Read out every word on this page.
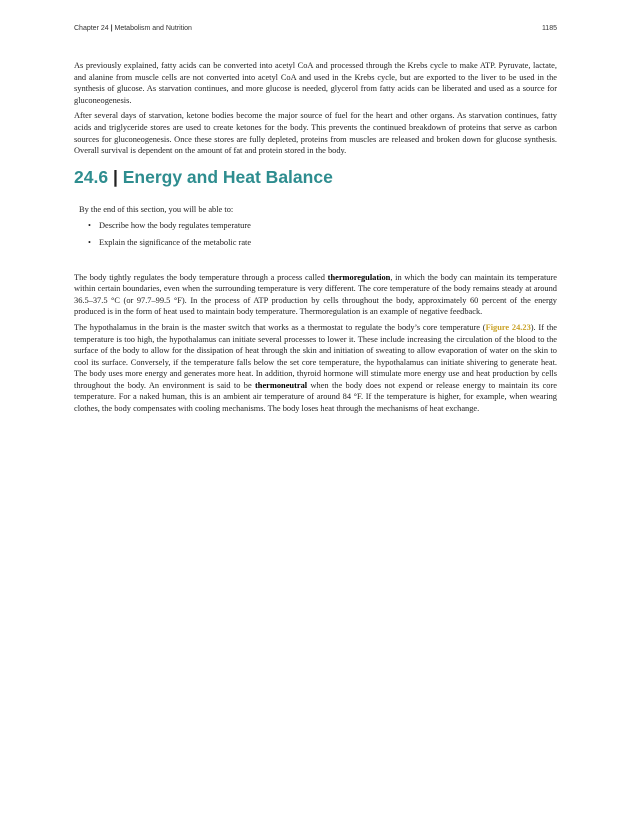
Chapter 24 | Metabolism and Nutrition	1185

As previously explained, fatty acids can be converted into acetyl CoA and processed through the Krebs cycle to make ATP. Pyruvate, lactate, and alanine from muscle cells are not converted into acetyl CoA and used in the Krebs cycle, but are exported to the liver to be used in the synthesis of glucose. As starvation continues, and more glucose is needed, glycerol from fatty acids can be liberated and used as a source for gluconeogenesis.

After several days of starvation, ketone bodies become the major source of fuel for the heart and other organs. As starvation continues, fatty acids and triglyceride stores are used to create ketones for the body. This prevents the continued breakdown of proteins that serve as carbon sources for gluconeogenesis. Once these stores are fully depleted, proteins from muscles are released and broken down for glucose synthesis. Overall survival is dependent on the amount of fat and protein stored in the body.

24.6 | Energy and Heat Balance

By the end of this section, you will be able to:

• Describe how the body regulates temperature
• Explain the significance of the metabolic rate

The body tightly regulates the body temperature through a process called thermoregulation, in which the body can maintain its temperature within certain boundaries, even when the surrounding temperature is very different. The core temperature of the body remains steady at around 36.5–37.5 °C (or 97.7–99.5 °F). In the process of ATP production by cells throughout the body, approximately 60 percent of the energy produced is in the form of heat used to maintain body temperature. Thermoregulation is an example of negative feedback.

The hypothalamus in the brain is the master switch that works as a thermostat to regulate the body’s core temperature (Figure 24.23). If the temperature is too high, the hypothalamus can initiate several processes to lower it. These include increasing the circulation of the blood to the surface of the body to allow for the dissipation of heat through the skin and initiation of sweating to allow evaporation of water on the skin to cool its surface. Conversely, if the temperature falls below the set core temperature, the hypothalamus can initiate shivering to generate heat. The body uses more energy and generates more heat. In addition, thyroid hormone will stimulate more energy use and heat production by cells throughout the body. An environment is said to be thermoneutral when the body does not expend or release energy to maintain its core temperature. For a naked human, this is an ambient air temperature of around 84 °F. If the temperature is higher, for example, when wearing clothes, the body compensates with cooling mechanisms. The body loses heat through the mechanisms of heat exchange.
